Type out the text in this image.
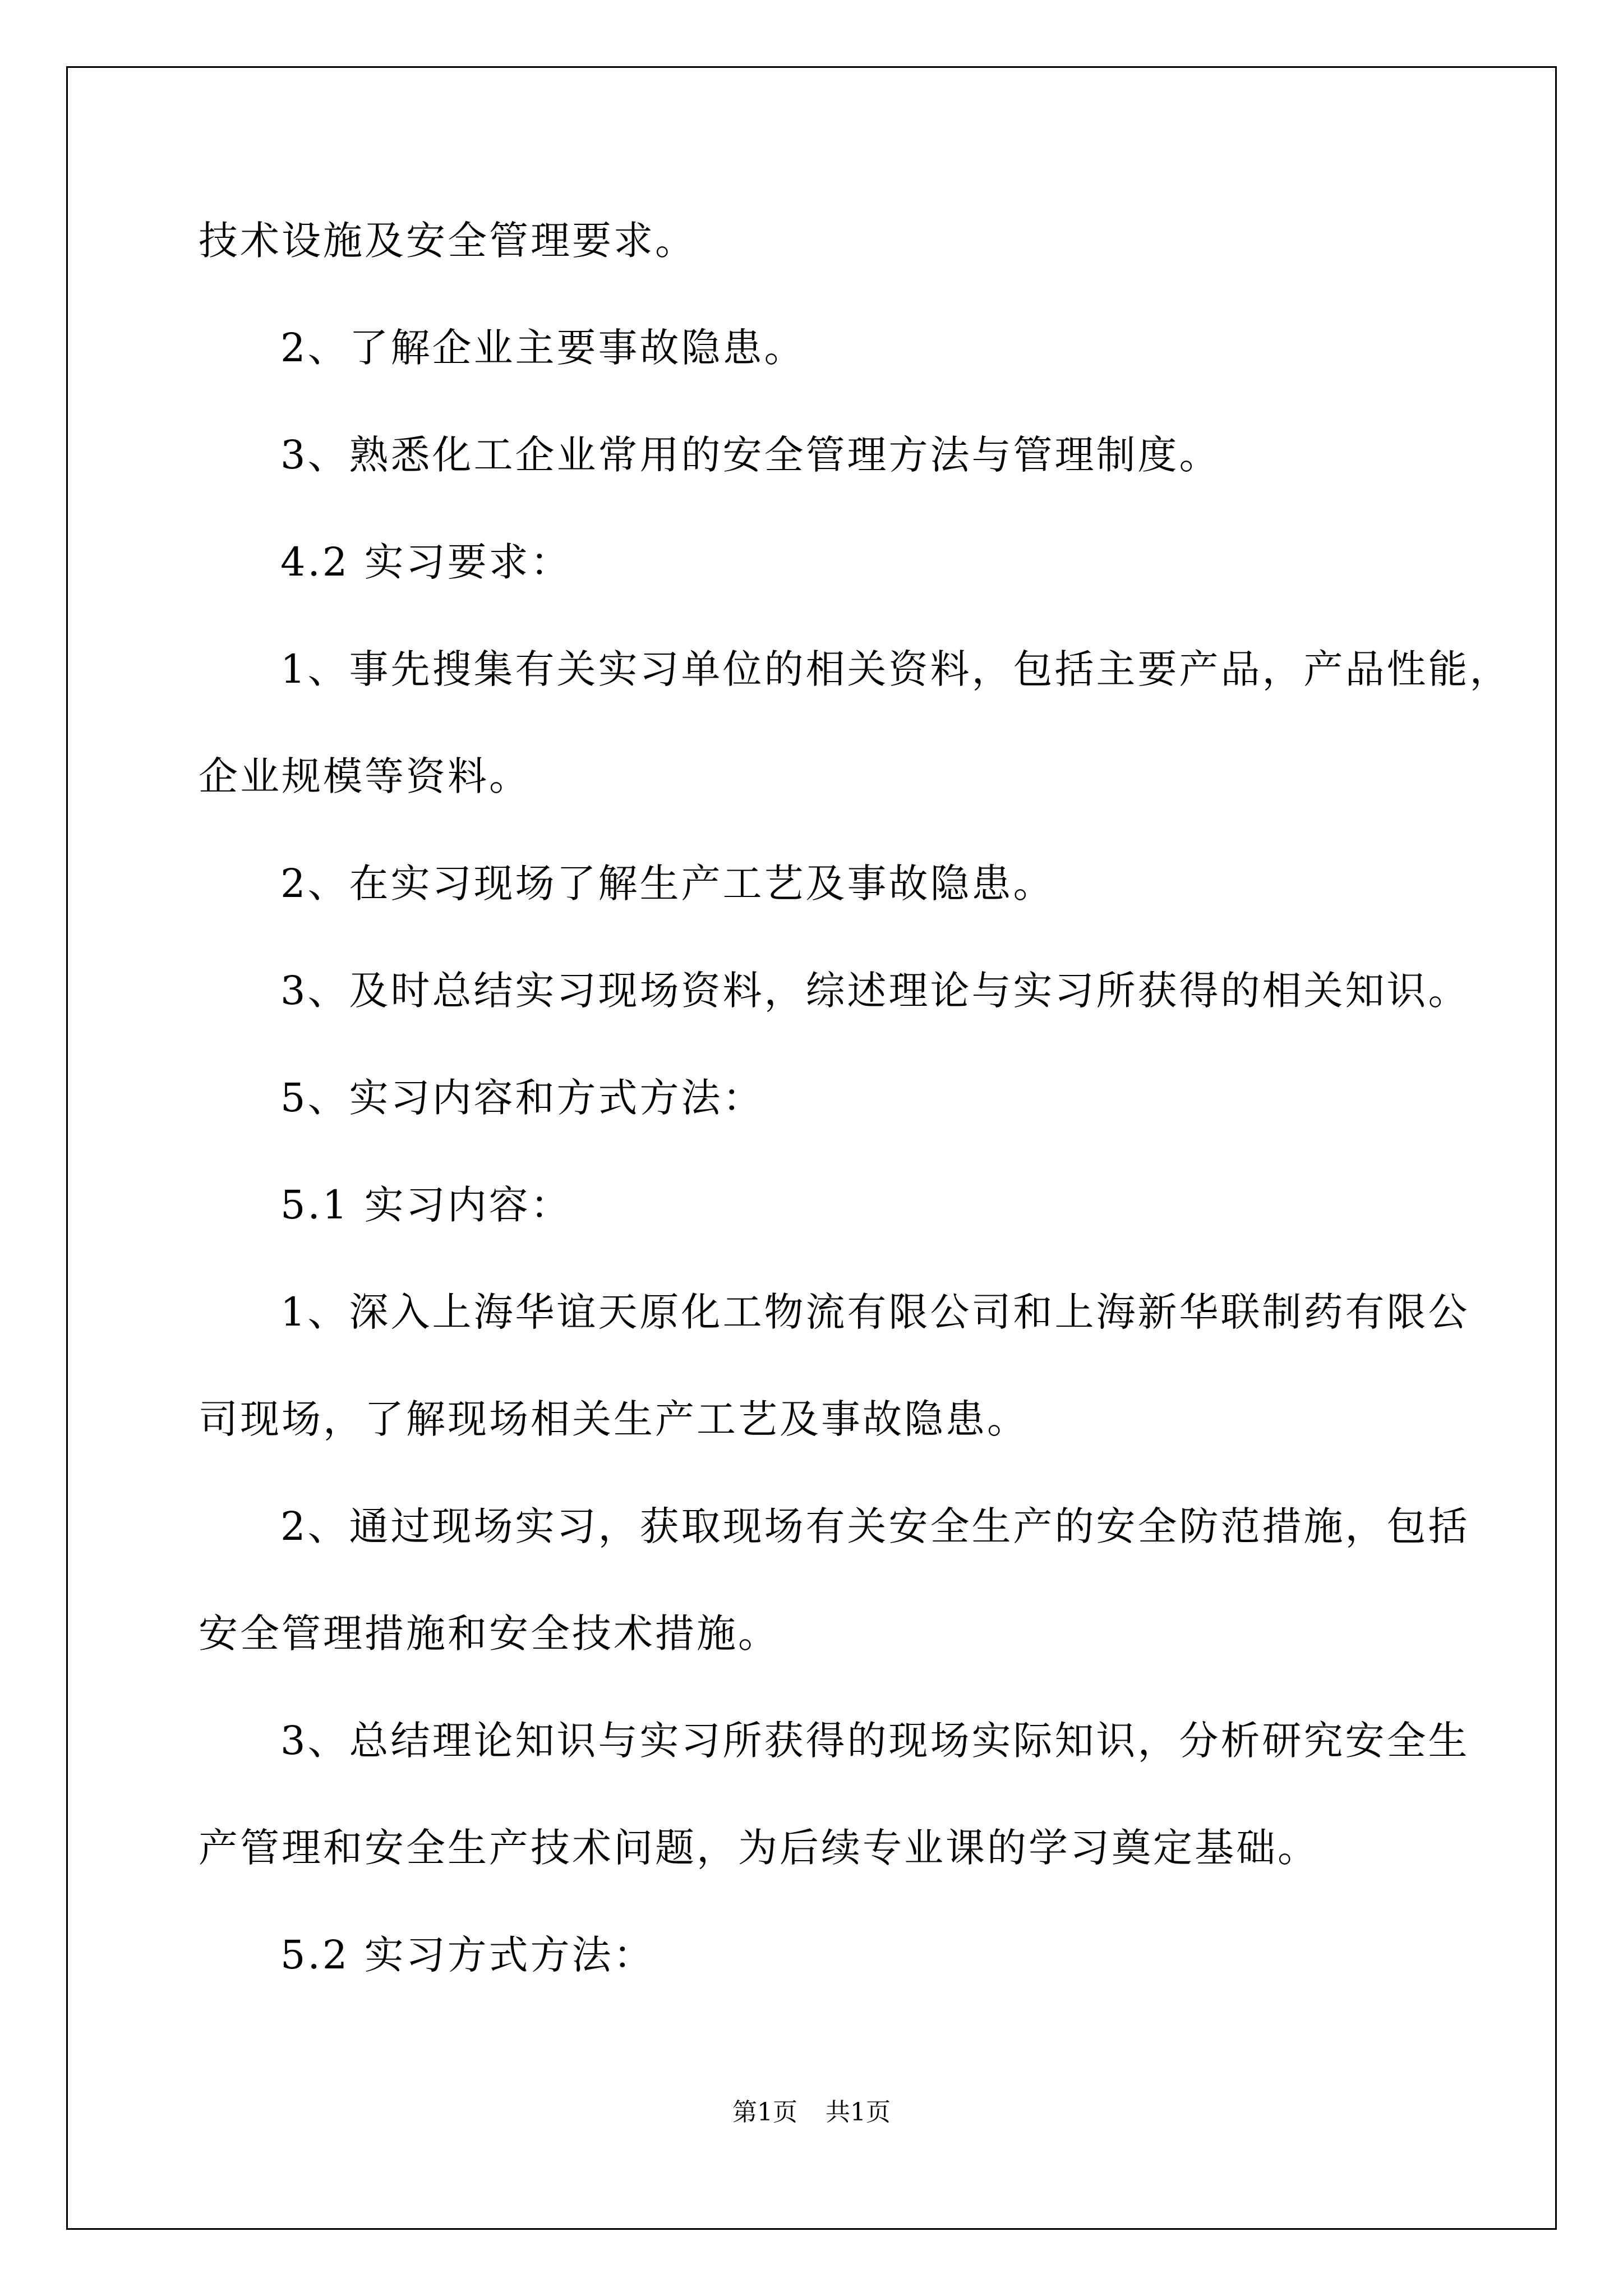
技术设施及安全管理要求。
2、了解企业主要事故隐患。
3、熟悉化工企业常用的安全管理方法与管理制度。
4.2 实习要求：
1、事先搜集有关实习单位的相关资料，包括主要产品，产品性能，
企业规模等资料。
2、在实习现场了解生产工艺及事故隐患。
3、及时总结实习现场资料，综述理论与实习所获得的相关知识。
5、实习内容和方式方法：
5.1 实习内容：
1、深入上海华谊天原化工物流有限公司和上海新华联制药有限公
司现场，了解现场相关生产工艺及事故隐患。
2、通过现场实习，获取现场有关安全生产的安全防范措施，包括
安全管理措施和安全技术措施。
3、总结理论知识与实习所获得的现场实际知识，分析研究安全生
产管理和安全生产技术问题，为后续专业课的学习奠定基础。
5.2 实习方式方法：
第1页 共1页
